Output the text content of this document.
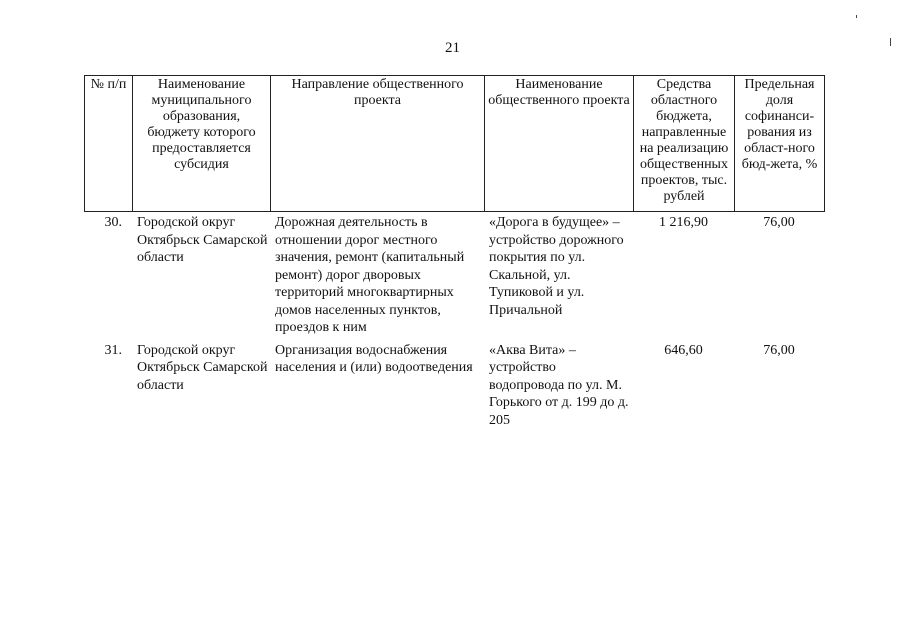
21
№ п/п	Наименование муниципального образования, бюджету которого предоставляется субсидия	Направление общественного проекта	Наименование общественного проекта	Средства областного бюджета, направленные на реализацию общественных проектов, тыс. рублей	Предельная доля софинанси-рования из област-ного бюд-жета, %
30.	Городской округ Октябрьск Самарской области	Дорожная деятельность в отношении дорог местного значения, ремонт (капитальный ремонт) дорог дворовых территорий многоквартирных домов населенных пунктов, проездов к ним	«Дорога в будущее» – устройство дорожного покрытия по ул. Скальной, ул. Тупиковой и ул. Причальной	1 216,90	76,00
31.	Городской округ Октябрьск Самарской области	Организация водоснабжения населения и (или) водоотведения	«Аква Вита» – устройство водопровода по ул. М. Горького от д. 199 до д. 205	646,60	76,00
